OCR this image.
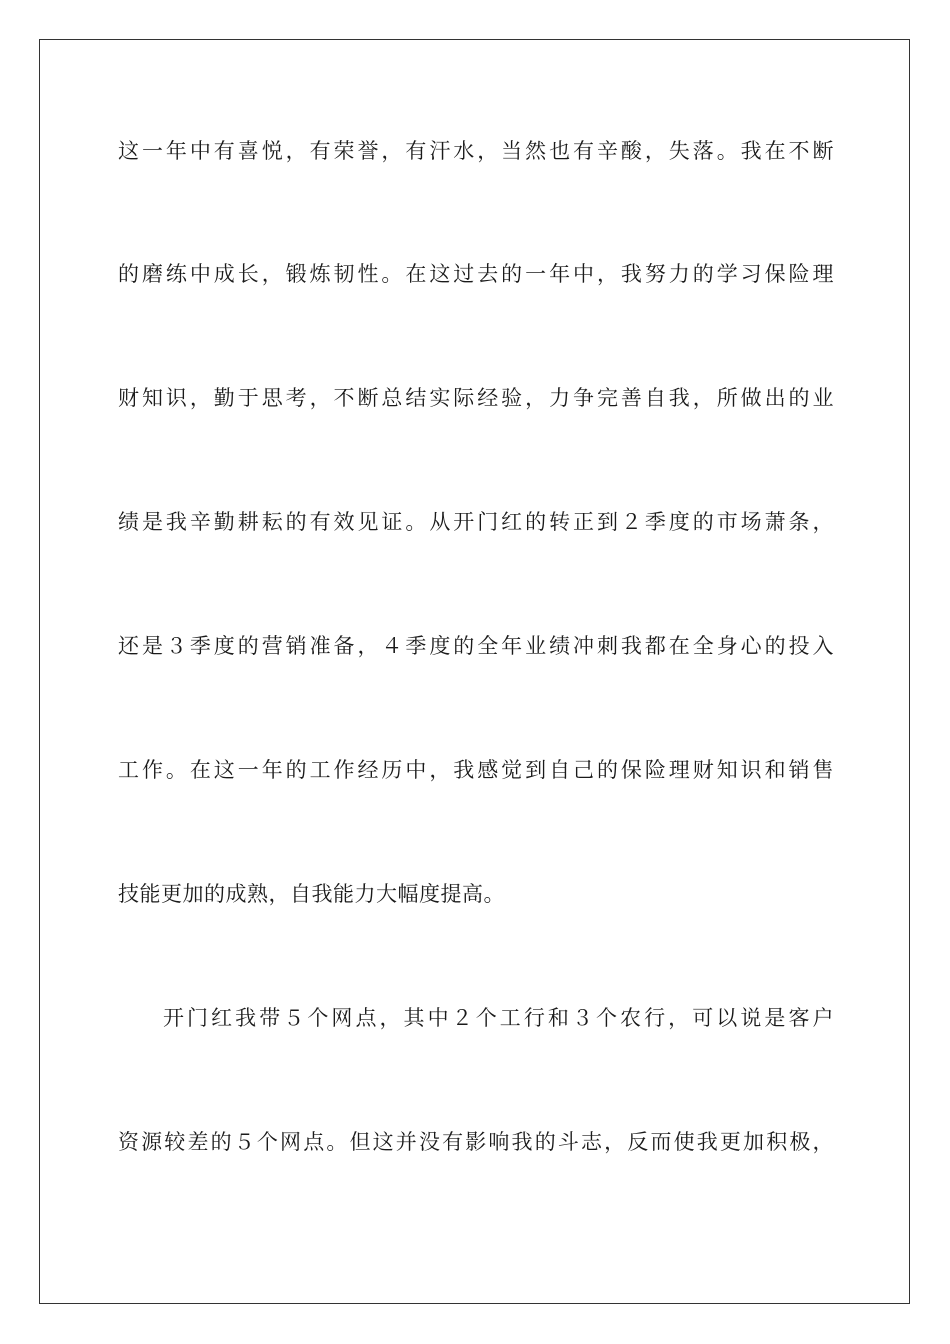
这一年中有喜悦，有荣誉，有汗水，当然也有辛酸，失落。我在不断
的磨练中成长，锻炼韧性。在这过去的一年中，我努力的学习保险理
财知识，勤于思考，不断总结实际经验，力争完善自我，所做出的业
绩是我辛勤耕耘的有效见证。从开门红的转正到２季度的市场萧条，
还是３季度的营销准备，４季度的全年业绩冲刺我都在全身心的投入
工作。在这一年的工作经历中，我感觉到自己的保险理财知识和销售
技能更加的成熟，自我能力大幅度提高。
开门红我带５个网点，其中２个工行和３个农行，可以说是客户
资源较差的５个网点。但这并没有影响我的斗志，反而使我更加积极，
